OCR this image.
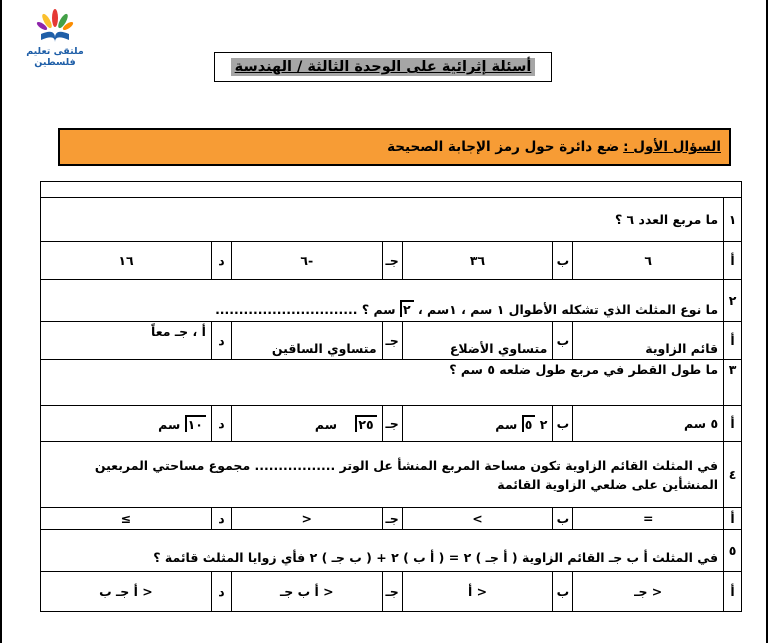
ملتقى تعليم فلسطين	أسئلة إثرائية على الوحدة الثالثة / الهندسة
السؤال الأول :
ضع دائرة حول رمز الإجابة الصحيحة

١	ما مربع العدد ٦ ؟						
أ	٦	ب	٣٦	جـ	-٦	د	١٦
٢	ما نوع المثلث الذي تشكله الأطوال ١ سم ، ١سم ، ٢ سم ؟ ..............................						
أ	قائم الزاوية	ب	متساوي الأضلاع	جـ	متساوي الساقين	د	أ ، جـ معاً
٣	ما طول القطر في مربع طول ضلعه ٥ سم ؟						
أ	٥ سم	ب	٢ ٥ سم	جـ	٢٥ سم	د	١٠ سم
٤	في المثلث القائم الزاوية تكون مساحة المربع المنشأ عل الوتر ................. مجموع مساحتي المربعين المنشأين على ضلعي الزاوية القائمة						
أ	=	ب	>	جـ	<	د	≥
٥	في المثلث أ ب جـ القائم الزاوية ( أ جـ ) ٢ = ( أ ب ) ٢ + ( ب جـ ) ٢ فأي زوايا المثلث قائمة ؟						
أ	< جـ	ب	< أ	جـ	< أ ب جـ	د	< أ جـ ب
